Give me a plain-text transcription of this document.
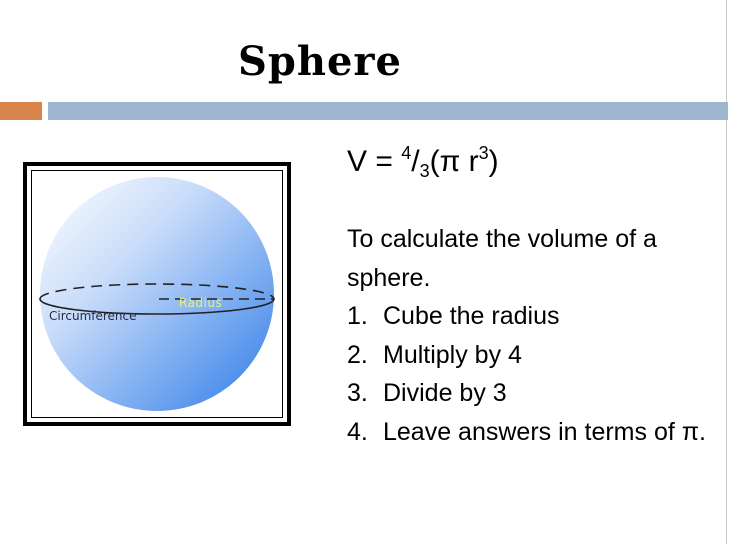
Sphere
Radius
Circumference
$V = ^4/_3(\pi$ $r^3$)

To calculate the volume of a sphere.

1. Cube the radius
2. Multiply by 4
3. Divide by 3
4. Leave answers in terms of π.
